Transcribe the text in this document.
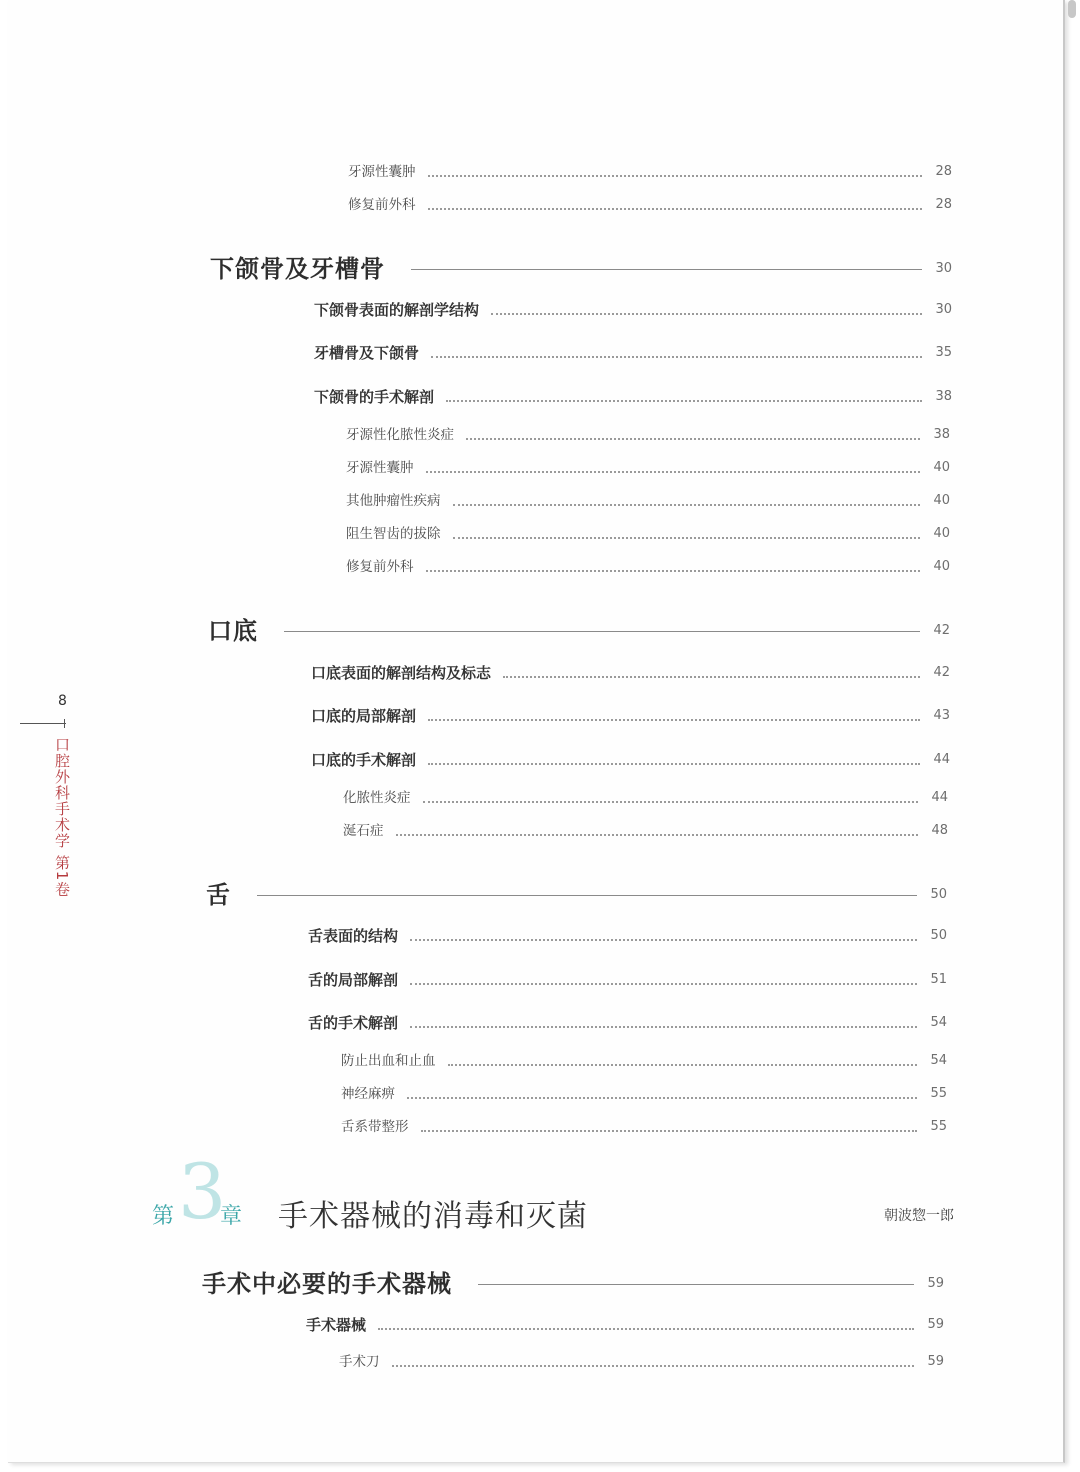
8
口腔外科手术学 第1卷
牙源性囊肿	28
修复前外科	28
下颌骨及牙槽骨	30
下颌骨表面的解剖学结构	30
牙槽骨及下颌骨	35
下颌骨的手术解剖	38
牙源性化脓性炎症	38
牙源性囊肿	40
其他肿瘤性疾病	40
阻生智齿的拔除	40
修复前外科	40
口底	42
口底表面的解剖结构及标志	42
口底的局部解剖	43
口底的手术解剖	44
化脓性炎症	44
涎石症	48
舌	50
舌表面的结构	50
舌的局部解剖	51
舌的手术解剖	54
防止出血和止血	54
神经麻痹	55
舌系带整形	55
3
第 章 手术器械的消毒和灭菌	朝波惣一郎
手术中必要的手术器械	59
手术器械	59
手术刀	59
